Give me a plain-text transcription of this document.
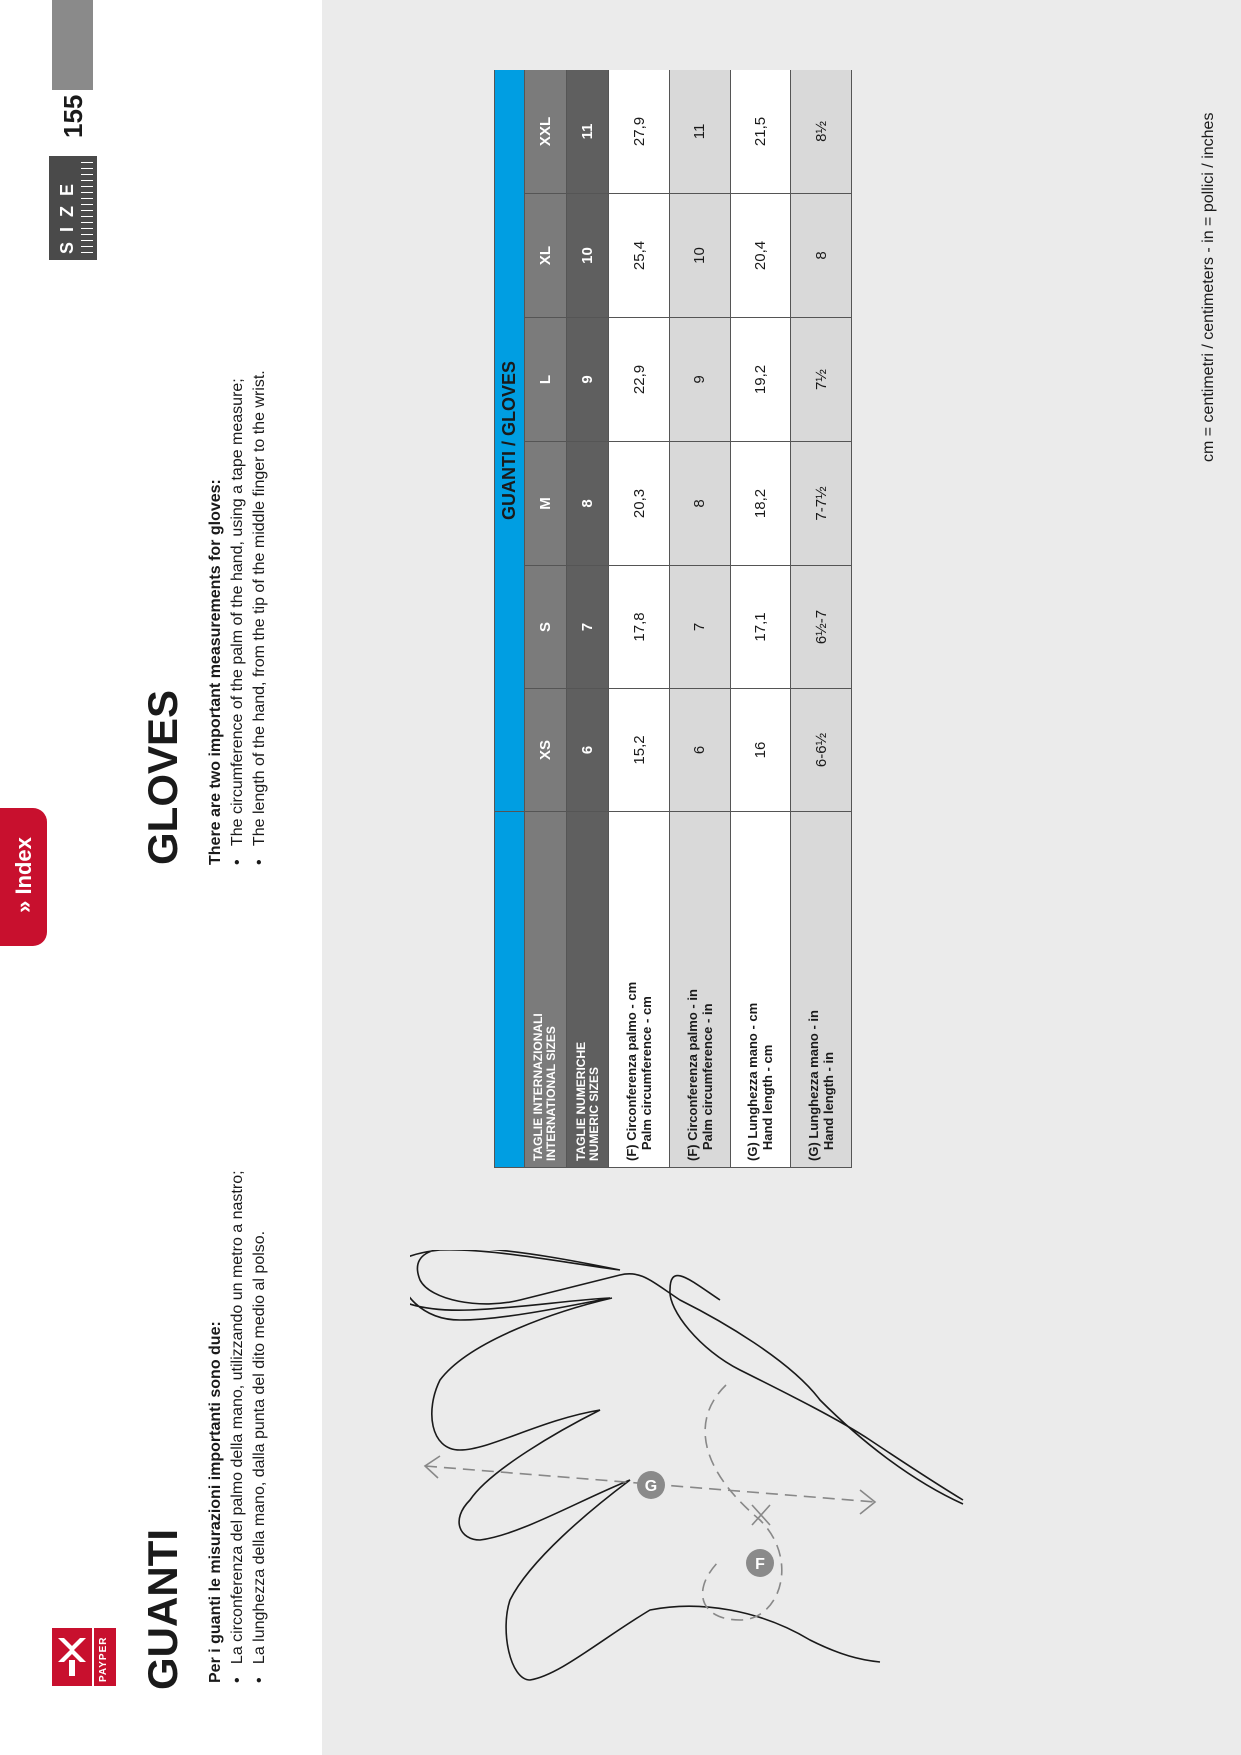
» Index
SIZE
155
PAYPER GUANTI Per i guanti le misurazioni importanti sono due: •   La circonferenza del palmo della mano, utilizzando un metro a nastro;
•   La lunghezza della mano, dalla punta del dito medio al polso.
GLOVES There are two important measurements for gloves: •   The circumference of the palm of the hand, using a tape measure;
•   The length of the hand, from the tip of the middle finger to the wrist.
G
F
	GUANTI / GLOVES					
TAGLIE INTERNAZIONALI
INTERNATIONAL SIZES	XS	S	M	L	XL	XXL
TAGLIE NUMERICHE
NUMERIC SIZES	6	7	8	9	10	11
(F) Circonferenza palmo - cm
Palm circumference - cm	15,2	17,8	20,3	22,9	25,4	27,9
(F) Circonferenza palmo - in
Palm circumference - in	6	7	8	9	10	11
(G) Lunghezza mano - cm
Hand length - cm	16	17,1	18,2	19,2	20,4	21,5
(G) Lunghezza mano - in
Hand length - in	6-6½	6½-7	7-7½	7½	8	8½	cm = centimetri / centimeters - in = pollici / inches
